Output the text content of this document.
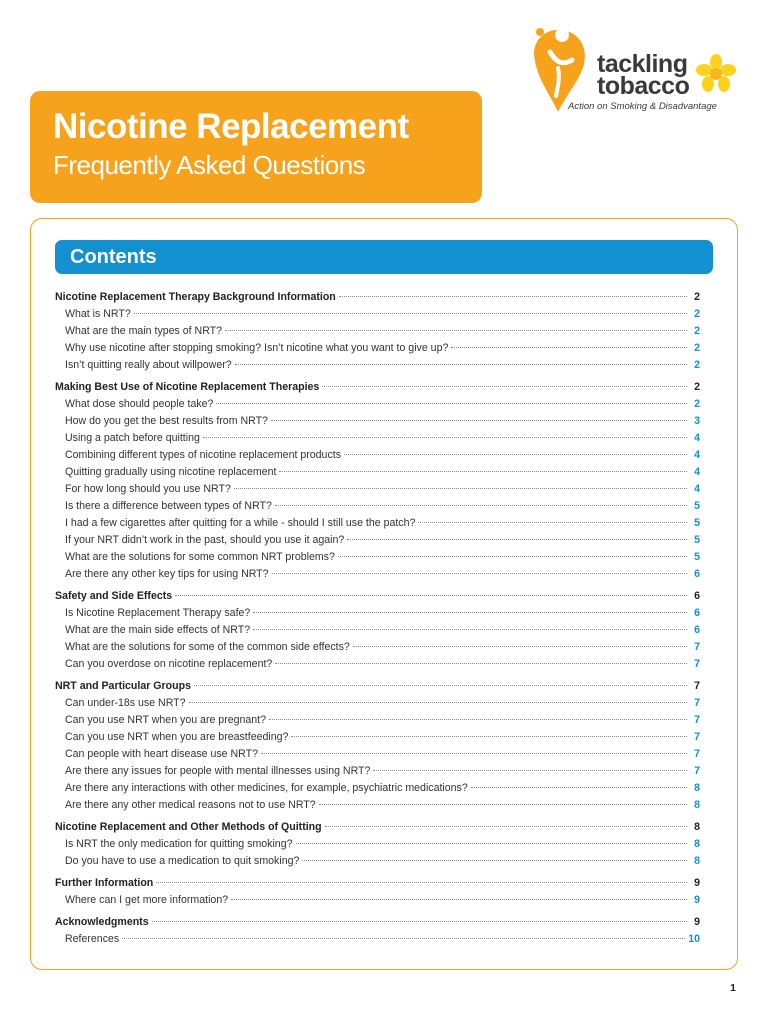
tackling
tobacco
Action on Smoking & Disadvantage
Nicotine Replacement
Frequently Asked Questions
Contents
Nicotine Replacement Therapy Background Information	2
What is NRT?	2
What are the main types of NRT?	2
Why use nicotine after stopping smoking? Isn’t nicotine what you want to give up?	2
Isn’t quitting really about willpower?	2
Making Best Use of Nicotine Replacement Therapies	2
What dose should people take?	2
How do you get the best results from NRT?	3
Using a patch before quitting	4
Combining different types of nicotine replacement products	4
Quitting gradually using nicotine replacement	4
For how long should you use NRT?	4
Is there a difference between types of NRT?	5
I had a few cigarettes after quitting for a while - should I still use the patch?	5
If your NRT didn’t work in the past, should you use it again?	5
What are the solutions for some common NRT problems?	5
Are there any other key tips for using NRT?	6
Safety and Side Effects	6
Is Nicotine Replacement Therapy safe?	6
What are the main side effects of NRT?	6
What are the solutions for some of the common side effects?	7
Can you overdose on nicotine replacement?	7
NRT and Particular Groups	7
Can under-18s use NRT?	7
Can you use NRT when you are pregnant?	7
Can you use NRT when you are breastfeeding?	7
Can people with heart disease use NRT?	7
Are there any issues for people with mental illnesses using NRT?	7
Are there any interactions with other medicines, for example, psychiatric medications?	8
Are there any other medical reasons not to use NRT?	8
Nicotine Replacement and Other Methods of Quitting	8
Is NRT the only medication for quitting smoking?	8
Do you have to use a medication to quit smoking?	8
Further Information	9
Where can I get more information?	9
Acknowledgments	9
References	10
1
